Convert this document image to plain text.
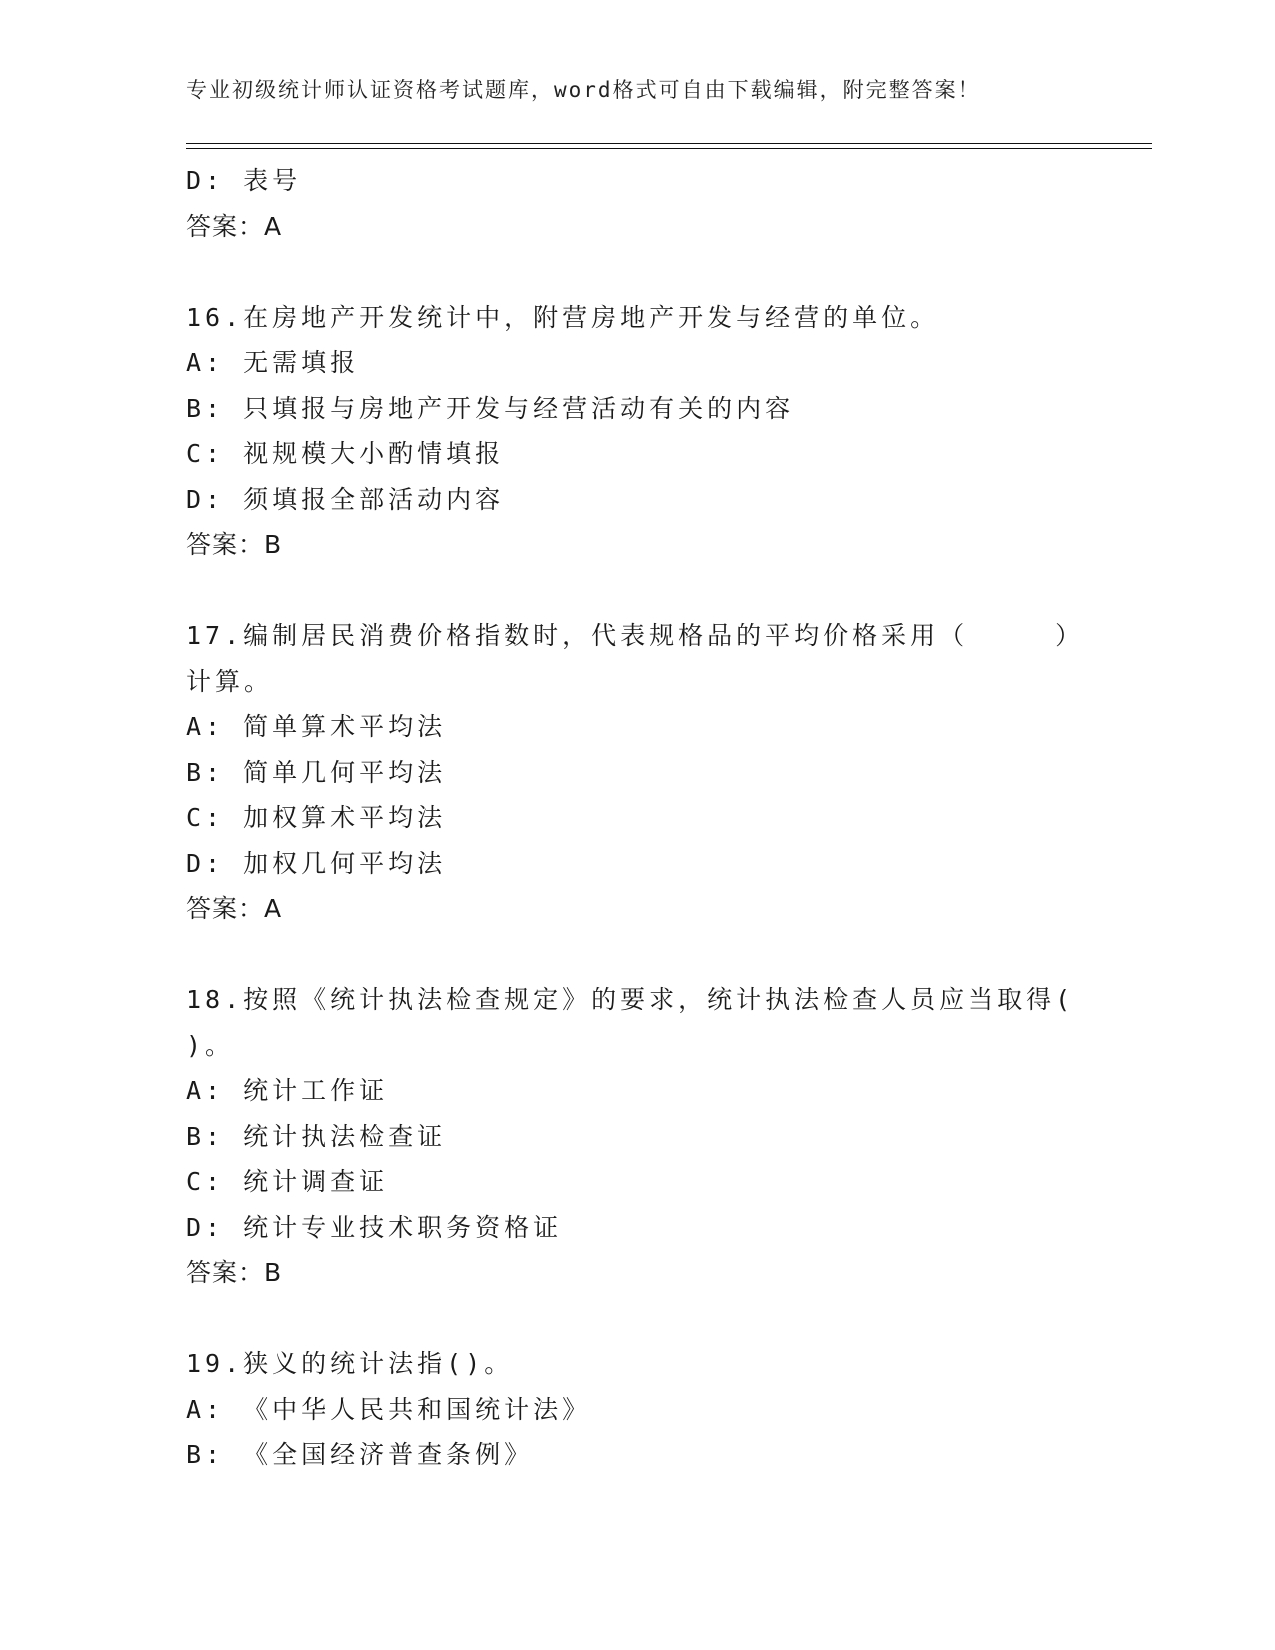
专业初级统计师认证资格考试题库，word格式可自由下载编辑，附完整答案！
D: 表号
答案：A
16.在房地产开发统计中，附营房地产开发与经营的单位。
A: 无需填报
B: 只填报与房地产开发与经营活动有关的内容
C: 视规模大小酌情填报
D: 须填报全部活动内容
答案：B
17.编制居民消费价格指数时，代表规格品的平均价格采用（　　　）
计算。
A: 简单算术平均法
B: 简单几何平均法
C: 加权算术平均法
D: 加权几何平均法
答案：A
18.按照《统计执法检查规定》的要求，统计执法检查人员应当取得(
)。
A: 统计工作证
B: 统计执法检查证
C: 统计调查证
D: 统计专业技术职务资格证
答案：B
19.狭义的统计法指()。
A: 《中华人民共和国统计法》
B: 《全国经济普查条例》
